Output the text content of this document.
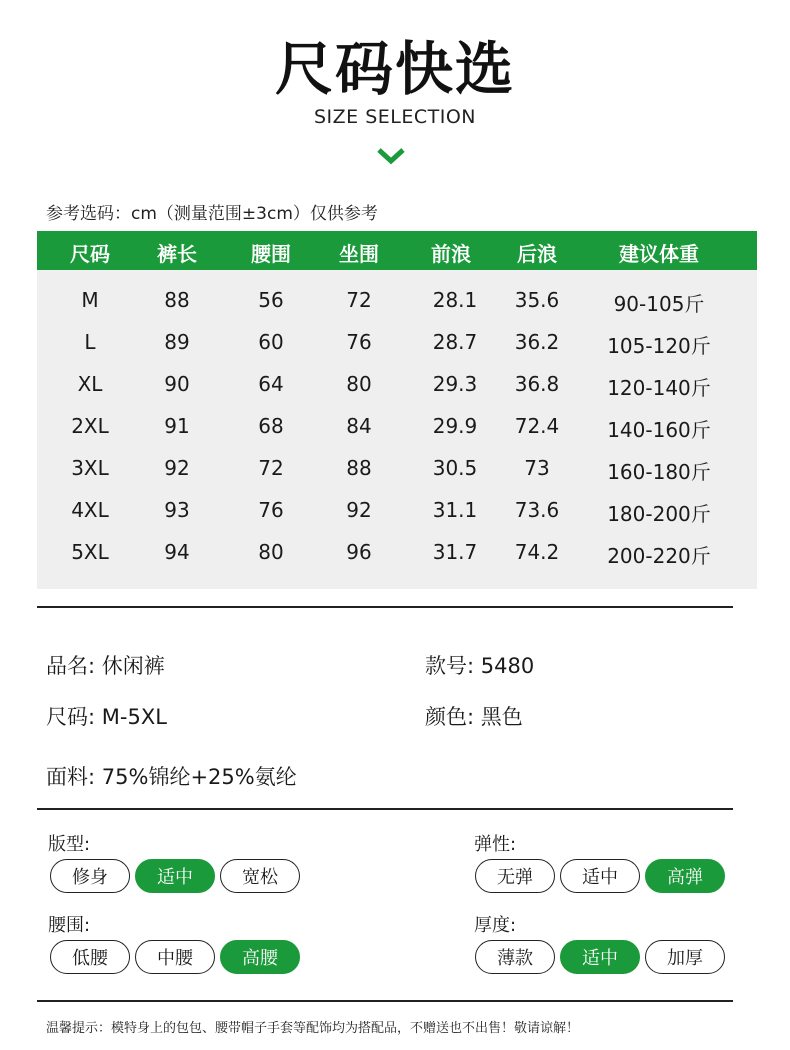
尺码快选
SIZE SELECTION
参考选码：cm（测量范围±3cm）仅供参考
尺码 裤长	腰围 坐围	前浪 后浪	建议体重
M	88	56	72	28.1 35.6	90-105斤
L	89	60	76	28.7 36.2 105-120斤
XL	90	64	80	29.3 36.8 120-140斤
2XL	91	68	84	29.9 72.4 140-160斤
3XL	92	72	88	30.5 73	160-180斤
4XL	93	76	92	31.1 73.6 180-200斤
5XL	94	80	96	31.7 74.2 200-220斤
品名: 休闲裤	款号: 5480
尺码: M-5XL	颜色: 黑色
面料: 75%锦纶+25%氨纶
版型:
修身	适中	宽松
弹性:
无弹	适中	高弹
腰围:
低腰	中腰	高腰
厚度:
薄款	适中	加厚
温馨提示：模特身上的包包、腰带帽子手套等配饰均为搭配品，不赠送也不出售！敬请谅解！
